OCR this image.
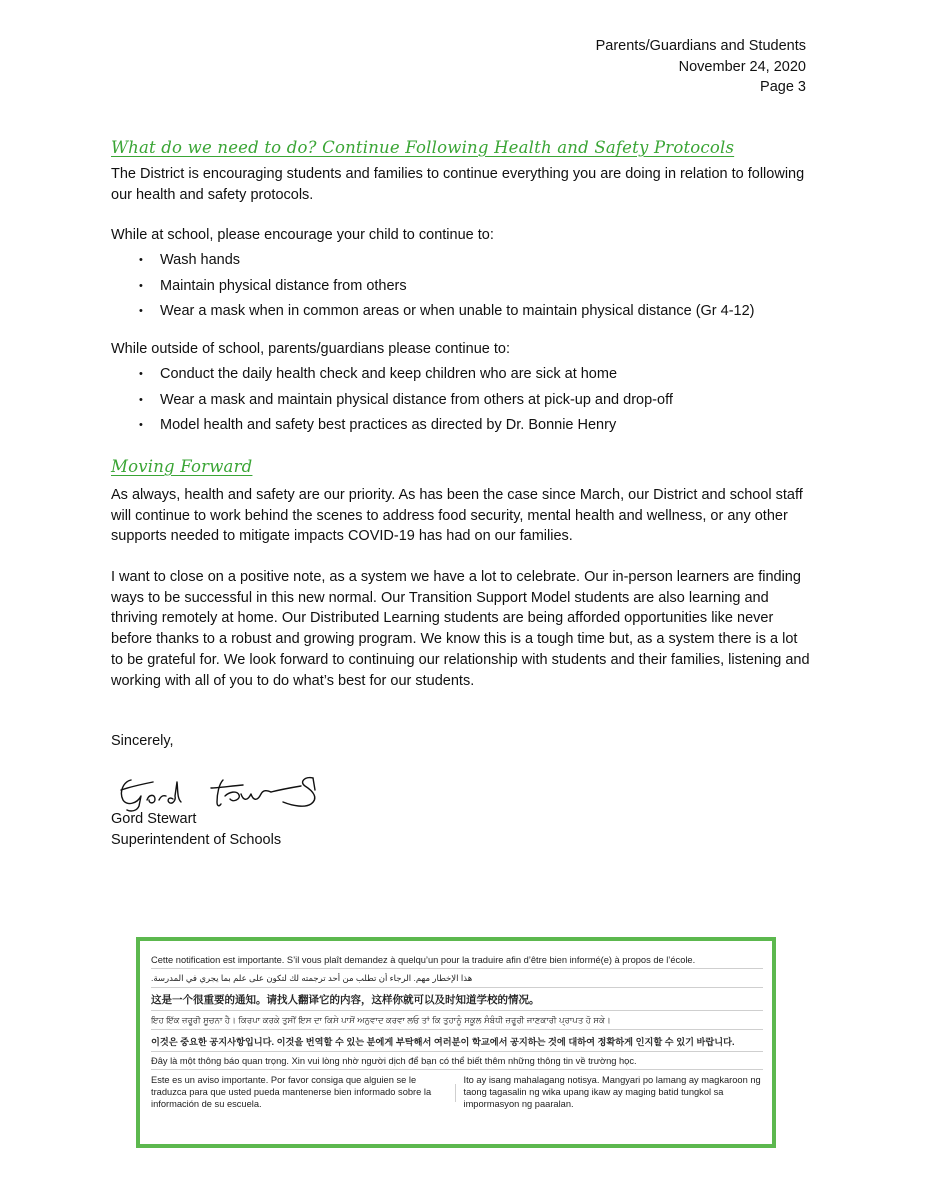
Parents/Guardians and Students
November 24, 2020
Page 3
What do we need to do? Continue Following Health and Safety Protocols

The District is encouraging students and families to continue everything you are doing in relation to following our health and safety protocols.

While at school, please encourage your child to continue to:

• Wash hands
• Maintain physical distance from others
• Wear a mask when in common areas or when unable to maintain physical distance (Gr 4-12)

While outside of school, parents/guardians please continue to:

• Conduct the daily health check and keep children who are sick at home
• Wear a mask and maintain physical distance from others at pick-up and drop-off
• Model health and safety best practices as directed by Dr. Bonnie Henry
Moving Forward

As always, health and safety are our priority. As has been the case since March, our District and school staff will continue to work behind the scenes to address food security, mental health and wellness, or any other supports needed to mitigate impacts COVID-19 has had on our families.

I want to close on a positive note, as a system we have a lot to celebrate. Our in-person learners are finding ways to be successful in this new normal. Our Transition Support Model students are also learning and thriving remotely at home. Our Distributed Learning students are being afforded opportunities like never before thanks to a robust and growing program. We know this is a tough time but, as a system there is a lot to be grateful for. We look forward to continuing our relationship with students and their families, listening and working with all of you to do what’s best for our students.

Sincerely,

Gord Stewart
Superintendent of Schools
Cette notification est importante. S’il vous plaît demandez à quelqu’un pour la traduire afin d’être bien informé(e) à propos de l’école.
هذا الإخطار مهم. الرجاء أن تطلب من أحد ترجمته لك لتكون على علم بما يجري في المدرسة.
这是一个很重要的通知。请找人翻译它的内容，这样你就可以及时知道学校的情况。
ਇਹ ਇੱਕ ਜ਼ਰੂਰੀ ਸੂਚਨਾ ਹੈ। ਕਿਰਪਾ ਕਰਕੇ ਤੁਸੀਂ ਇਸ ਦਾ ਕਿਸੇ ਪਾਸੋਂ ਅਨੁਵਾਦ ਕਰਵਾ ਲਓ ਤਾਂ ਕਿ ਤੁਹਾਨੂੰ ਸਕੂਲ ਸੰਬੰਧੀ ਜ਼ਰੂਰੀ ਜਾਣਕਾਰੀ ਪ੍ਰਾਪਤ ਹੋ ਸਕੇ।
이것은 중요한 공지사항입니다. 이것을 번역할 수 있는 분에게 부탁해서 여러분이 학교에서 공지하는 것에 대하여 정확하게 인지할 수 있기 바랍니다.
Đây là một thông báo quan trọng. Xin vui lòng nhờ người dịch để bạn có thể biết thêm những thông tin về trường học.
Este es un aviso importante. Por favor consiga que alguien se le traduzca para que usted pueda mantenerse bien informado sobre la información de su escuela.
Ito ay isang mahalagang notisya. Mangyari po lamang ay magkaroon ng taong tagasalin ng wika upang ikaw ay maging batid tungkol sa impormasyon ng paaralan.
